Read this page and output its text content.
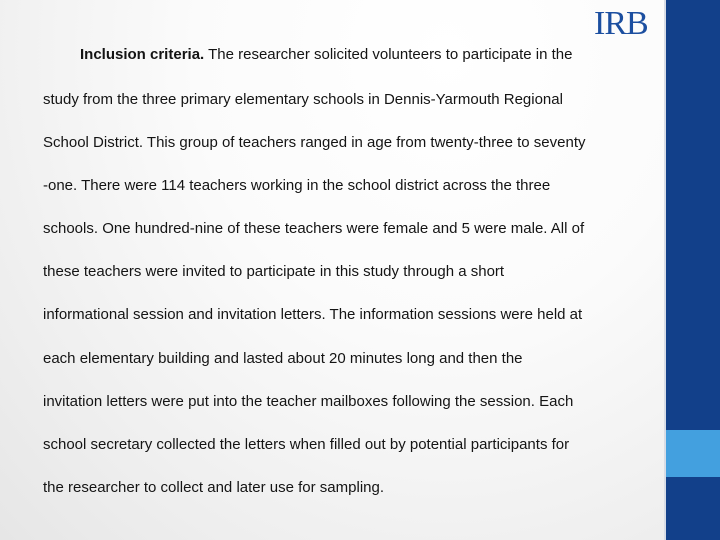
IRB
Inclusion criteria. The researcher solicited volunteers to participate in the
study from the three primary elementary schools in Dennis-Yarmouth Regional
School District. This group of teachers ranged in age from twenty-three to seventy
-one. There were 114 teachers working in the school district across the three
schools. One hundred-nine of these teachers were female and 5 were male. All of
these teachers were invited to participate in this study through a short
informational session and invitation letters. The information sessions were held at
each elementary building and lasted about 20 minutes long and then the
invitation letters were put into the teacher mailboxes following the session. Each
school secretary collected the letters when filled out by potential participants for
the researcher to collect and later use for sampling.
